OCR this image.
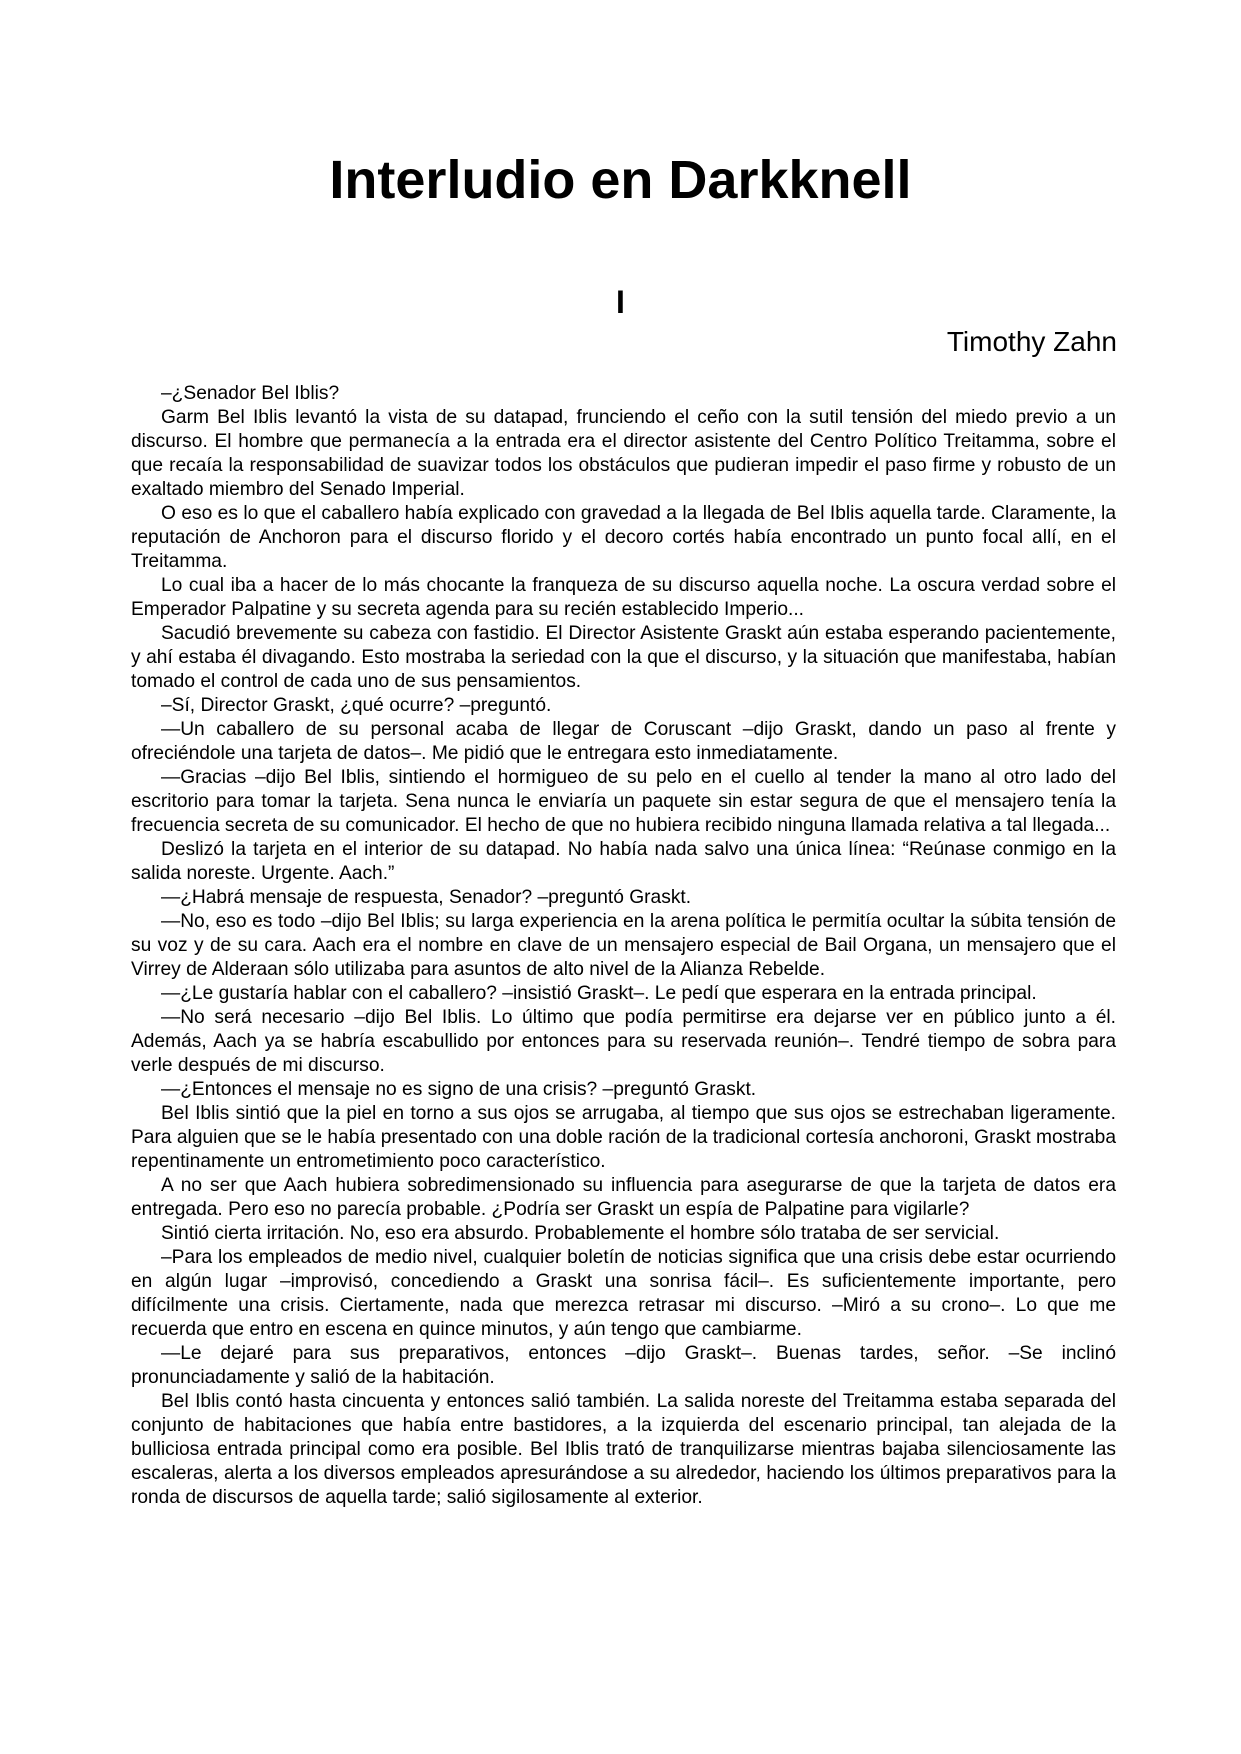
Interludio en Darkknell
I
Timothy Zahn

–¿Senador Bel Iblis?

Garm Bel Iblis levantó la vista de su datapad, frunciendo el ceño con la sutil tensión del miedo previo a un discurso. El hombre que permanecía a la entrada era el director asistente del Centro Político Treitamma, sobre el que recaía la responsabilidad de suavizar todos los obstáculos que pudieran impedir el paso firme y robusto de un exaltado miembro del Senado Imperial.

O eso es lo que el caballero había explicado con gravedad a la llegada de Bel Iblis aquella tarde. Claramente, la reputación de Anchoron para el discurso florido y el decoro cortés había encontrado un punto focal allí, en el Treitamma.

Lo cual iba a hacer de lo más chocante la franqueza de su discurso aquella noche. La oscura verdad sobre el Emperador Palpatine y su secreta agenda para su recién establecido Imperio...

Sacudió brevemente su cabeza con fastidio. El Director Asistente Graskt aún estaba esperando pacientemente, y ahí estaba él divagando. Esto mostraba la seriedad con la que el discurso, y la situación que manifestaba, habían tomado el control de cada uno de sus pensamientos.

–Sí, Director Graskt, ¿qué ocurre? –preguntó.

—Un caballero de su personal acaba de llegar de Coruscant –dijo Graskt, dando un paso al frente y ofreciéndole una tarjeta de datos–. Me pidió que le entregara esto inmediatamente.

—Gracias –dijo Bel Iblis, sintiendo el hormigueo de su pelo en el cuello al tender la mano al otro lado del escritorio para tomar la tarjeta. Sena nunca le enviaría un paquete sin estar segura de que el mensajero tenía la frecuencia secreta de su comunicador. El hecho de que no hubiera recibido ninguna llamada relativa a tal llegada...

Deslizó la tarjeta en el interior de su datapad. No había nada salvo una única línea: “Reúnase conmigo en la salida noreste. Urgente. Aach.”

—¿Habrá mensaje de respuesta, Senador? –preguntó Graskt.

—No, eso es todo –dijo Bel Iblis; su larga experiencia en la arena política le permitía ocultar la súbita tensión de su voz y de su cara. Aach era el nombre en clave de un mensajero especial de Bail Organa, un mensajero que el Virrey de Alderaan sólo utilizaba para asuntos de alto nivel de la Alianza Rebelde.

—¿Le gustaría hablar con el caballero? –insistió Graskt–. Le pedí que esperara en la entrada principal.

—No será necesario –dijo Bel Iblis. Lo último que podía permitirse era dejarse ver en público junto a él. Además, Aach ya se habría escabullido por entonces para su reservada reunión–. Tendré tiempo de sobra para verle después de mi discurso.

—¿Entonces el mensaje no es signo de una crisis? –preguntó Graskt.

Bel Iblis sintió que la piel en torno a sus ojos se arrugaba, al tiempo que sus ojos se estrechaban ligeramente. Para alguien que se le había presentado con una doble ración de la tradicional cortesía anchoroni, Graskt mostraba repentinamente un entrometimiento poco característico.

A no ser que Aach hubiera sobredimensionado su influencia para asegurarse de que la tarjeta de datos era entregada. Pero eso no parecía probable. ¿Podría ser Graskt un espía de Palpatine para vigilarle?

Sintió cierta irritación. No, eso era absurdo. Probablemente el hombre sólo trataba de ser servicial.

–Para los empleados de medio nivel, cualquier boletín de noticias significa que una crisis debe estar ocurriendo en algún lugar –improvisó, concediendo a Graskt una sonrisa fácil–. Es suficientemente importante, pero difícilmente una crisis. Ciertamente, nada que merezca retrasar mi discurso. –Miró a su crono–. Lo que me recuerda que entro en escena en quince minutos, y aún tengo que cambiarme.

—Le dejaré para sus preparativos, entonces –dijo Graskt–. Buenas tardes, señor. –Se inclinó pronunciadamente y salió de la habitación.

Bel Iblis contó hasta cincuenta y entonces salió también. La salida noreste del Treitamma estaba separada del conjunto de habitaciones que había entre bastidores, a la izquierda del escenario principal, tan alejada de la bulliciosa entrada principal como era posible. Bel Iblis trató de tranquilizarse mientras bajaba silenciosamente las escaleras, alerta a los diversos empleados apresurándose a su alrededor, haciendo los últimos preparativos para la ronda de discursos de aquella tarde; salió sigilosamente al exterior.
